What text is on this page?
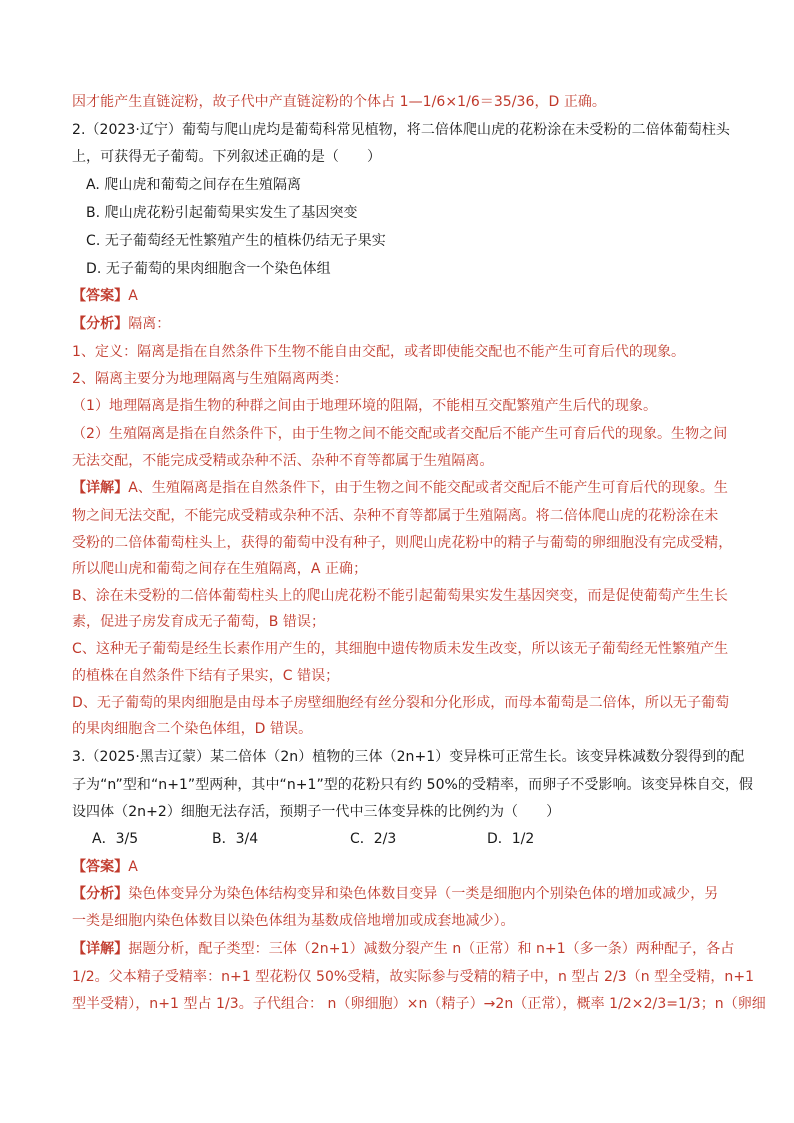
因才能产生直链淀粉，故子代中产直链淀粉的个体占 1—1/6×1/6＝35/36，D 正确。
2.（2023·辽宁）葡萄与爬山虎均是葡萄科常见植物，将二倍体爬山虎的花粉涂在未受粉的二倍体葡萄柱头
上，可获得无子葡萄。下列叙述正确的是（　　）
A. 爬山虎和葡萄之间存在生殖隔离
B. 爬山虎花粉引起葡萄果实发生了基因突变
C. 无子葡萄经无性繁殖产生的植株仍结无子果实
D. 无子葡萄的果肉细胞含一个染色体组
【答案】A
【分析】隔离：
1、定义：隔离是指在自然条件下生物不能自由交配，或者即使能交配也不能产生可育后代的现象。
2、隔离主要分为地理隔离与生殖隔离两类：
（1）地理隔离是指生物的种群之间由于地理环境的阻隔，不能相互交配繁殖产生后代的现象。
（2）生殖隔离是指在自然条件下，由于生物之间不能交配或者交配后不能产生可育后代的现象。生物之间
无法交配，不能完成受精或杂种不活、杂种不育等都属于生殖隔离。
【详解】A、生殖隔离是指在自然条件下，由于生物之间不能交配或者交配后不能产生可育后代的现象。生
物之间无法交配，不能完成受精或杂种不活、杂种不育等都属于生殖隔离。将二倍体爬山虎的花粉涂在未
受粉的二倍体葡萄柱头上，获得的葡萄中没有种子，则爬山虎花粉中的精子与葡萄的卵细胞没有完成受精，
所以爬山虎和葡萄之间存在生殖隔离，A 正确；
B、涂在未受粉的二倍体葡萄柱头上的爬山虎花粉不能引起葡萄果实发生基因突变，而是促使葡萄产生生长
素，促进子房发育成无子葡萄，B 错误；
C、这种无子葡萄是经生长素作用产生的，其细胞中遗传物质未发生改变，所以该无子葡萄经无性繁殖产生
的植株在自然条件下结有子果实，C 错误；
D、无子葡萄的果肉细胞是由母本子房壁细胞经有丝分裂和分化形成，而母本葡萄是二倍体，所以无子葡萄
的果肉细胞含二个染色体组，D 错误。
3.（2025·黑吉辽蒙）某二倍体（2n）植物的三体（2n+1）变异株可正常生长。该变异株减数分裂得到的配
子为“n”型和“n+1”型两种，其中“n+1”型的花粉只有约 50%的受精率，而卵子不受影响。该变异株自交，假
设四体（2n+2）细胞无法存活，预期子一代中三体变异株的比例约为（　　）
A．3/5	B．3/4	C．2/3	D．1/2
【答案】A
【分析】染色体变异分为染色体结构变异和染色体数目变异（一类是细胞内个别染色体的增加或减少，另
一类是细胞内染色体数目以染色体组为基数成倍地增加或成套地减少）。
【详解】据题分析，配子类型：三体（2n+1）减数分裂产生 n（正常）和 n+1（多一条）两种配子，各占
1/2。父本精子受精率：n+1 型花粉仅 50%受精，故实际参与受精的精子中，n 型占 2/3（n 型全受精，n+1
型半受精），n+1 型占 1/3。子代组合： n（卵细胞）×n（精子）→2n（正常），概率 1/2×2/3=1/3；n（卵细
